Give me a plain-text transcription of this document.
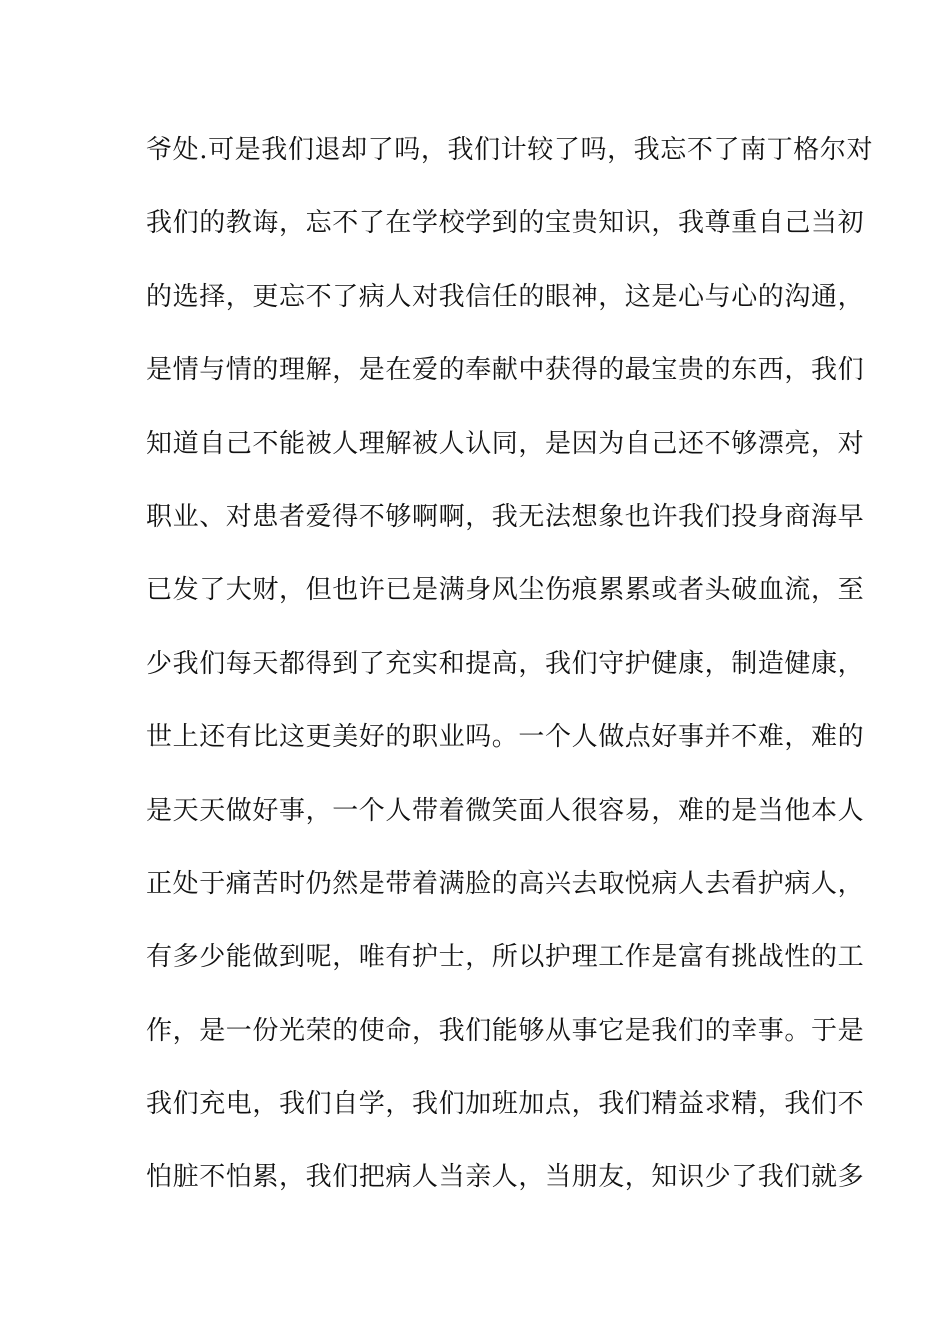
爷处.可是我们退却了吗，我们计较了吗，我忘不了南丁格尔对
我们的教诲，忘不了在学校学到的宝贵知识，我尊重自己当初
的选择，更忘不了病人对我信任的眼神，这是心与心的沟通，
是情与情的理解，是在爱的奉献中获得的最宝贵的东西，我们
知道自己不能被人理解被人认同，是因为自己还不够漂亮，对
职业、对患者爱得不够啊啊，我无法想象也许我们投身商海早
已发了大财，但也许已是满身风尘伤痕累累或者头破血流，至
少我们每天都得到了充实和提高，我们守护健康，制造健康，
世上还有比这更美好的职业吗。一个人做点好事并不难，难的
是天天做好事，一个人带着微笑面人很容易，难的是当他本人
正处于痛苦时仍然是带着满脸的高兴去取悦病人去看护病人，
有多少能做到呢，唯有护士，所以护理工作是富有挑战性的工
作，是一份光荣的使命，我们能够从事它是我们的幸事。于是
我们充电，我们自学，我们加班加点，我们精益求精，我们不
怕脏不怕累，我们把病人当亲人，当朋友，知识少了我们就多
